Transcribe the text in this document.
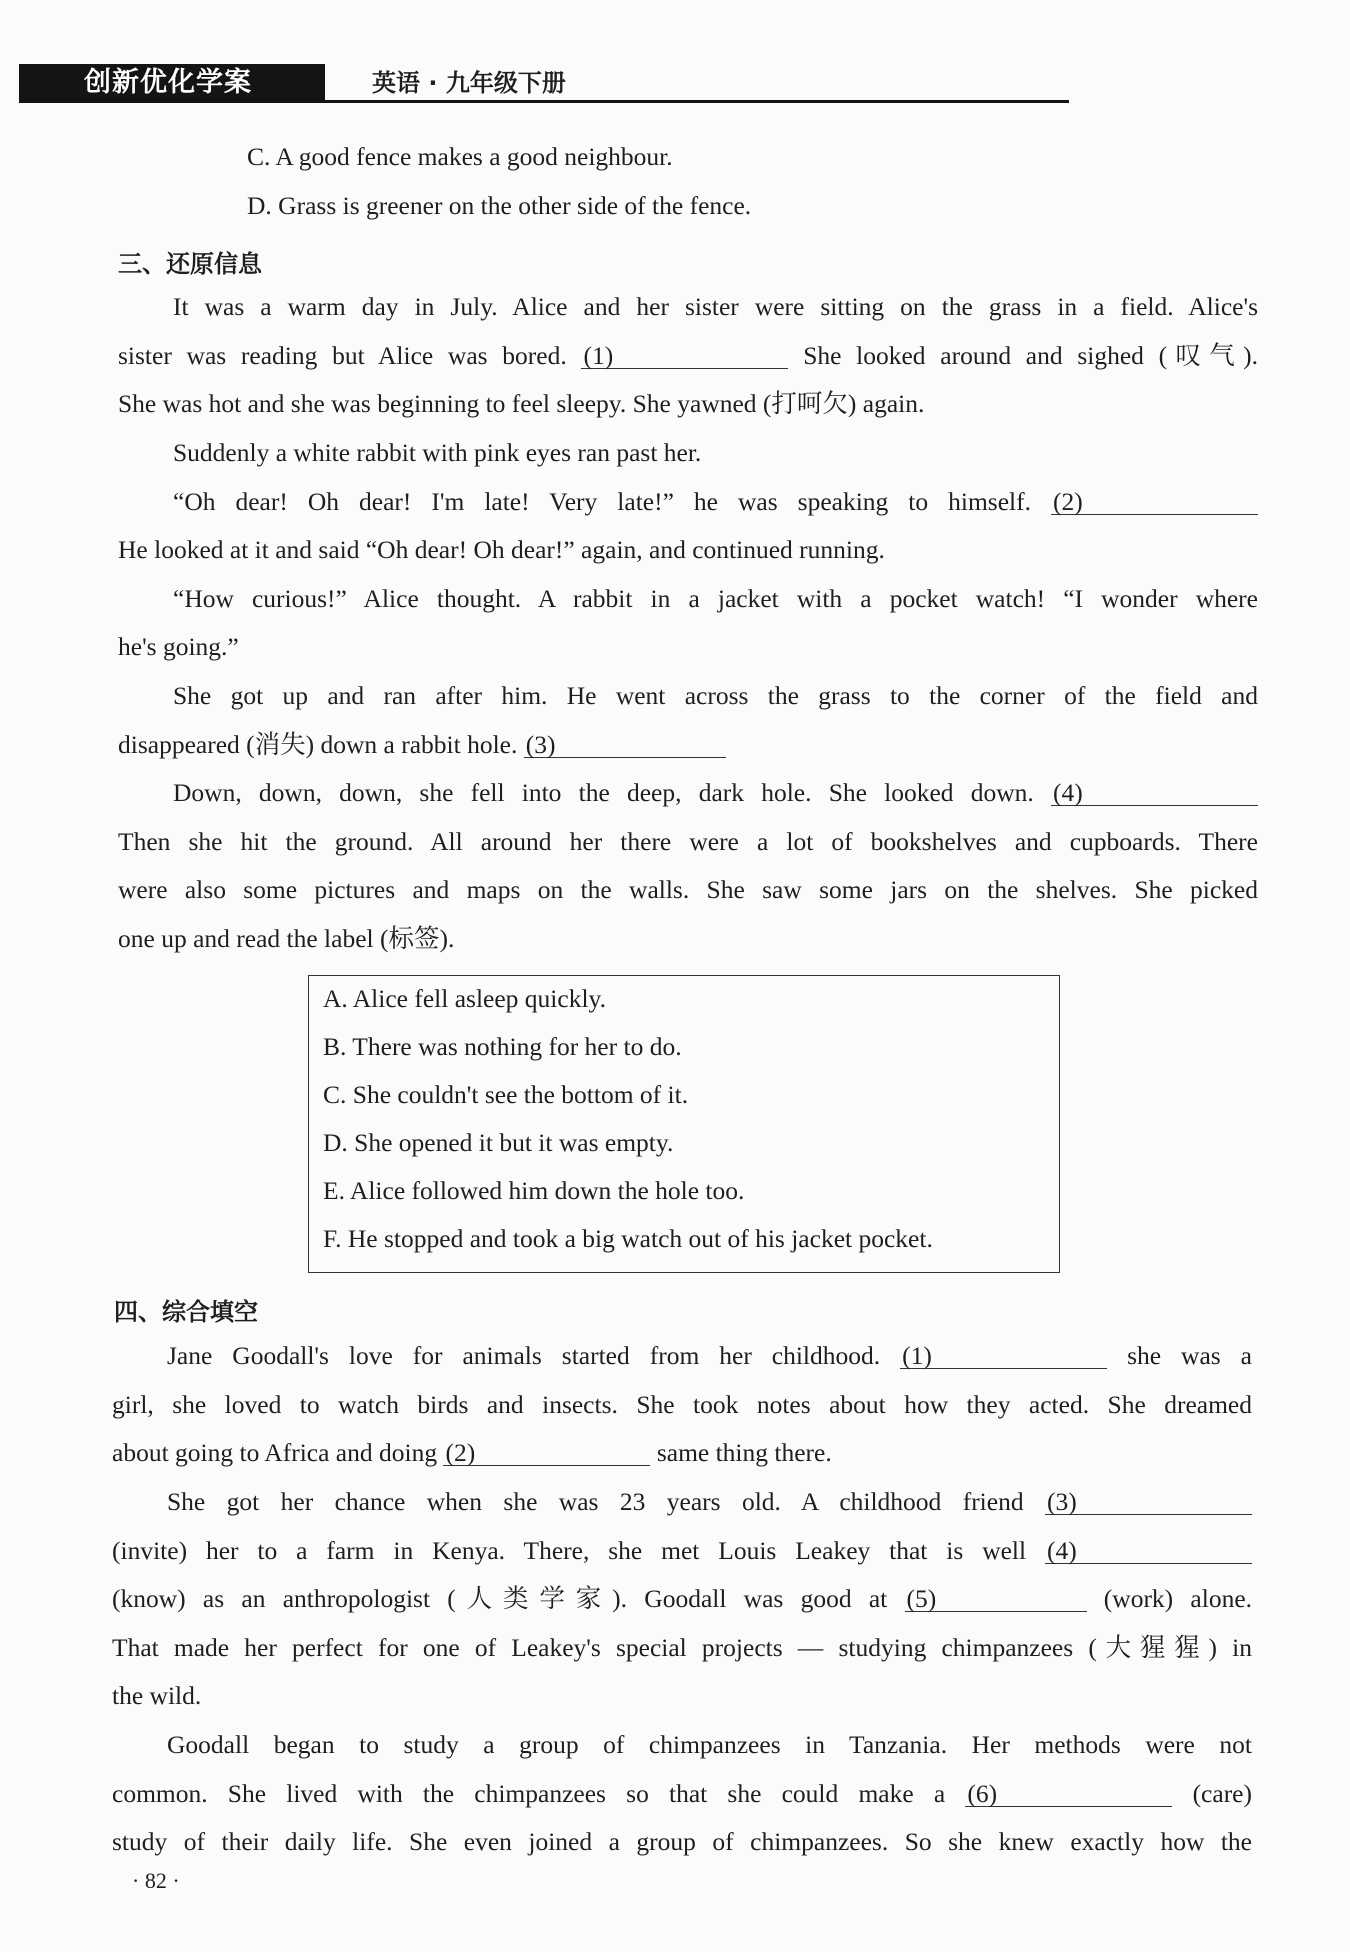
创新优化学案	英语 · 九年级下册
C. A good fence makes a good neighbour.
D. Grass is greener on the other side of the fence.
三、还原信息
It was a warm day in July. Alice and her sister were sitting on the grass in a field. Alice's
sister was reading but Alice was bored. (1)	She looked around and sighed (叹气).
She was hot and she was beginning to feel sleepy. She yawned (打呵欠) again.
Suddenly a white rabbit with pink eyes ran past her.
“Oh dear! Oh dear! I'm late! Very late!” he was speaking to himself. (2)
He looked at it and said “Oh dear! Oh dear!” again, and continued running.
“How curious!” Alice thought. A rabbit in a jacket with a pocket watch! “I wonder where
he's going.”
She got up and ran after him. He went across the grass to the corner of the field and
disappeared (消失) down a rabbit hole. (3)
Down, down, down, she fell into the deep, dark hole. She looked down. (4)
Then she hit the ground. All around her there were a lot of bookshelves and cupboards. There
were also some pictures and maps on the walls. She saw some jars on the shelves. She picked
one up and read the label (标签).
A. Alice fell asleep quickly.
B. There was nothing for her to do.
C. She couldn't see the bottom of it.
D. She opened it but it was empty.
E. Alice followed him down the hole too.
F. He stopped and took a big watch out of his jacket pocket.
四、综合填空
Jane Goodall's love for animals started from her childhood. (1)	she was a
girl, she loved to watch birds and insects. She took notes about how they acted. She dreamed
about going to Africa and doing (2)	same thing there.
She got her chance when she was 23 years old. A childhood friend (3)
(invite) her to a farm in Kenya. There, she met Louis Leakey that is well (4)
(know) as an anthropologist (人类学家). Goodall was good at (5)	(work) alone.
That made her perfect for one of Leakey's special projects — studying chimpanzees (大猩猩) in
the wild.
Goodall began to study a group of chimpanzees in Tanzania. Her methods were not
common. She lived with the chimpanzees so that she could make a (6)	(care)
study of their daily life. She even joined a group of chimpanzees. So she knew exactly how the
· 82 ·
